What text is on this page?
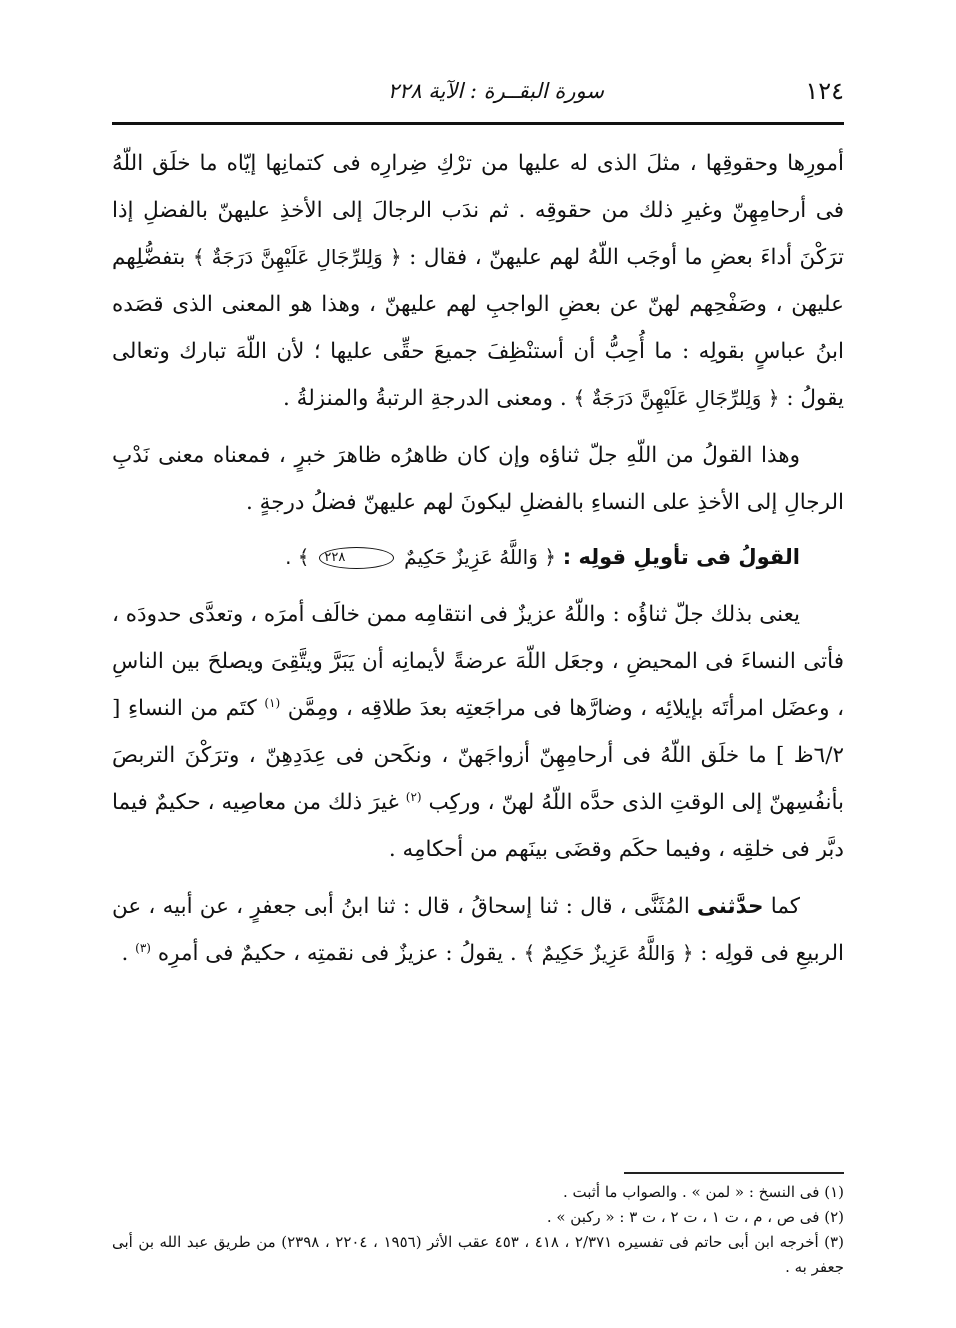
١٢٤
سورة البقــرة : الآية ٢٢٨

أمورِها وحقوقِها ، مثلَ الذى له عليها من ترْكِ ضِرارِه فى كتمانِها إيّاه ما خلَق اللّهُ فى أرحامِهِنّ وغيرِ ذلك من حقوقِه . ثم ندَب الرجالَ إلى الأخذِ عليهنّ بالفضلِ إذا ترَكْنَ أداءَ بعضِ ما أوجَب اللّهُ لهم عليهنّ ، فقال : ﴿ وَلِلرِّجَالِ عَلَيْهِنَّ دَرَجَةٌ ﴾ بتفضُّلِهم عليهن ، وصَفْحِهم لهنّ عن بعضِ الواجبِ لهم عليهنّ ، وهذا هو المعنى الذى قصَده ابنُ عباسٍ بقولِه : ما أُحِبُّ أن أستنْظِفَ جميعَ حقِّى عليها ؛ لأن اللّهَ تبارك وتعالى يقولُ : ﴿ وَلِلرِّجَالِ عَلَيْهِنَّ دَرَجَةٌ ﴾ . ومعنى الدرجةِ الرتبةُ والمنزلةُ .

وهذا القولُ من اللّهِ جلّ ثناؤه وإن كان ظاهرُه ظاهرَ خبرٍ ، فمعناه معنى نَدْبِ الرجالِ إلى الأخذِ على النساءِ بالفضلِ ليكونَ لهم عليهنّ فضلُ درجةٍ .

القولُ فى تأويلِ قولِه : ﴿ وَاللَّهُ عَزِيزٌ حَكِيمٌ ٢٢٨ ﴾ .

يعنى بذلك جلّ ثناؤُه : واللّهُ عزيزٌ فى انتقامِه ممن خالَف أمرَه ، وتعدَّى حدودَه ، فأتى النساءَ فى المحيضِ ، وجعَل اللّهَ عرضةً لأيمانِه أن يَبَرَّ ويتَّقِىَ ويصلحَ بين الناسِ ، وعضَل امرأتَه بإيلائِه ، وضارَّها فى مراجَعتِه بعدَ طلاقِه ، ومِمَّن $^{(١)}$ كتَم من النساءِ [ ٦/٢ظ ] ما خلَق اللّهُ فى أرحامِهِنّ أزواجَهنّ ، ونكَحن فى عِدَدِهِنّ ، وترَكْنَ التربصَ بأنفُسِهنّ إلى الوقتِ الذى حدَّه اللّهُ لهنّ ، وركِب $^{(٢)}$ غيرَ ذلك من معاصِيه ، حكيمٌ فيما دبَّر فى خلقِه ، وفيما حكَم وقضَى بينَهم من أحكامِه .

كما حدَّثنى المُثَنَّى ، قال : ثنا إسحاقُ ، قال : ثنا ابنُ أبى جعفرٍ ، عن أبيه ، عن الربيعِ فى قولِه : ﴿ وَاللَّهُ عَزِيزٌ حَكِيمٌ ﴾ . يقولُ : عزيزٌ فى نقمتِه ، حكيمٌ فى أمرِه $^{(٣)}$ .

(١) فى النسخ : « لمن » . والصواب ما أثبت .

(٢) فى ص ، م ، ت ١ ، ت ٢ ، ت ٣ : « ركبن » .

(٣) أخرجه ابن أبى حاتم فى تفسيره ٢/٣٧١ ، ٤١٨ ، ٤٥٣ عقب الأثر (١٩٥٦ ، ٢٢٠٤ ، ٢٣٩٨) من طريق عبد الله بن أبى جعفر به .
